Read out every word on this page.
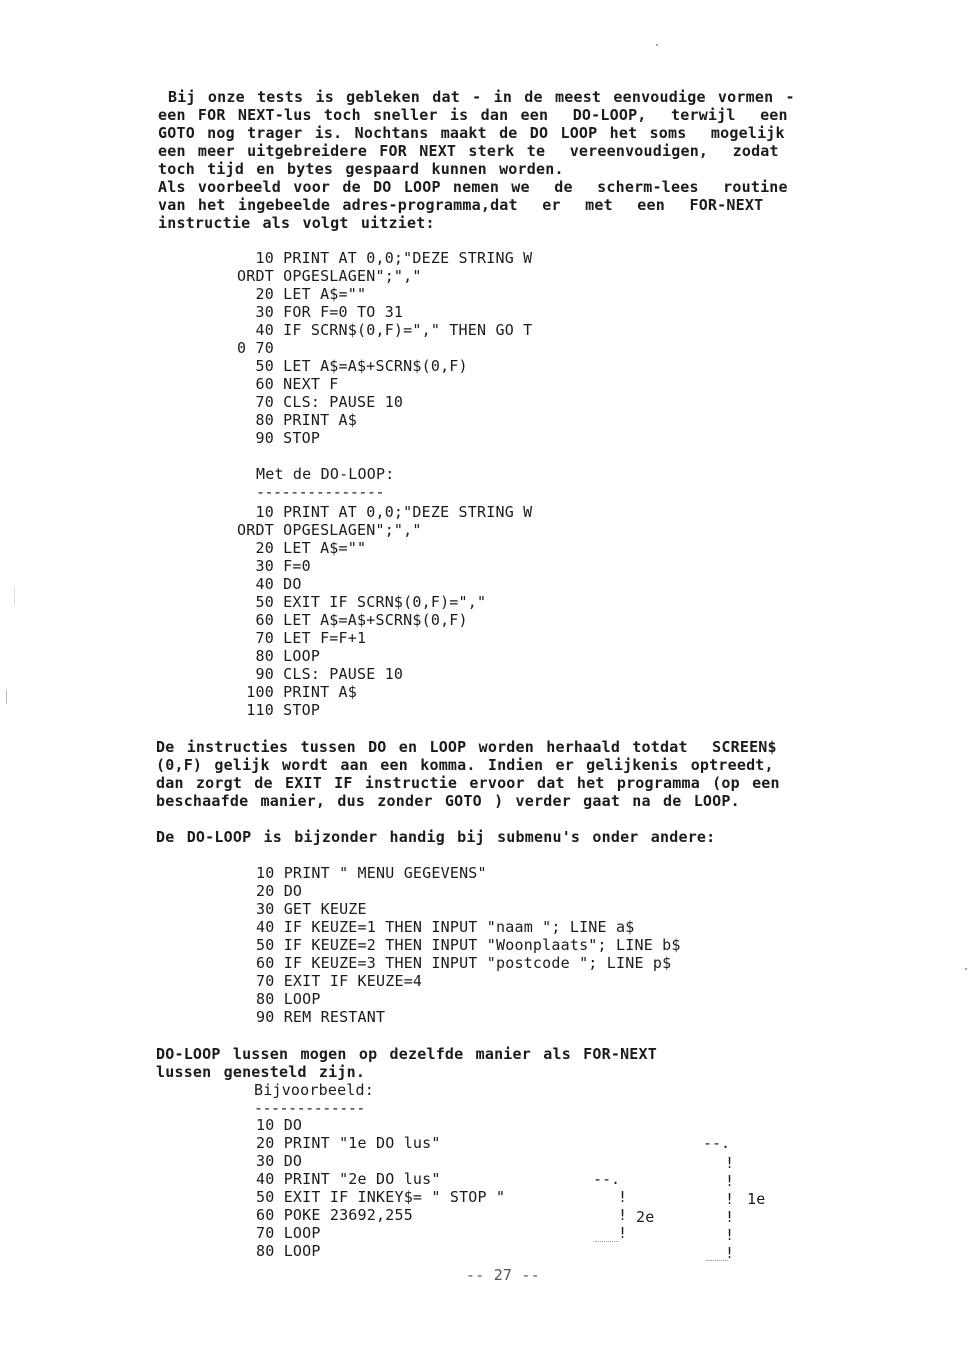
Bij onze tests is gebleken dat - in de meest eenvoudige vormen -
een FOR NEXT-lus toch sneller is dan een  DO-LOOP,  terwijl  een
GOTO nog trager is. Nochtans maakt de DO LOOP het soms  mogelijk
een meer uitgebreidere FOR NEXT sterk te  vereenvoudigen,  zodat
toch tijd en bytes gespaard kunnen worden.
Als voorbeeld voor de DO LOOP nemen we  de  scherm-lees  routine
van het ingebeelde adres-programma,dat  er  met  een  FOR-NEXT
instructie als volgt uitziet:
10 PRINT AT 0,0;"DEZE STRING W
ORDT OPGESLAGEN";","
20 LET A$=""
30 FOR F=0 TO 31
40 IF SCRN$(0,F)="," THEN GO T
0 70
50 LET A$=A$+SCRN$(0,F)
60 NEXT F
70 CLS: PAUSE 10
80 PRINT A$
90 STOP
Met de DO-LOOP:
---------------
10 PRINT AT 0,0;"DEZE STRING W
ORDT OPGESLAGEN";","
20 LET A$=""
30 F=0
40 DO
50 EXIT IF SCRN$(0,F)=","
60 LET A$=A$+SCRN$(0,F)
70 LET F=F+1
80 LOOP
90 CLS: PAUSE 10
100 PRINT A$
110 STOP
De instructies tussen DO en LOOP worden herhaald totdat  SCREEN$
(0,F) gelijk wordt aan een komma. Indien er gelijkenis optreedt,
dan zorgt de EXIT IF instructie ervoor dat het programma (op een
beschaafde manier, dus zonder GOTO ) verder gaat na de LOOP.
De DO-LOOP is bijzonder handig bij submenu's onder andere:
10 PRINT " MENU GEGEVENS"
20 DO
30 GET KEUZE
40 IF KEUZE=1 THEN INPUT "naam "; LINE a$
50 IF KEUZE=2 THEN INPUT "Woonplaats"; LINE b$
60 IF KEUZE=3 THEN INPUT "postcode "; LINE p$
70 EXIT IF KEUZE=4
80 LOOP
90 REM RESTANT
DO-LOOP lussen mogen op dezelfde manier als FOR-NEXT
lussen genesteld zijn.
Bijvoorbeeld:
-------------
10 DO
20 PRINT "1e DO lus"
30 DO
40 PRINT "2e DO lus"
50 EXIT IF INKEY$= " STOP "
60 POKE 23692,255
70 LOOP
80 LOOP
--.
!
!
!
!
!
!
1e
--.
!
!
!
2e
-- 27 --
